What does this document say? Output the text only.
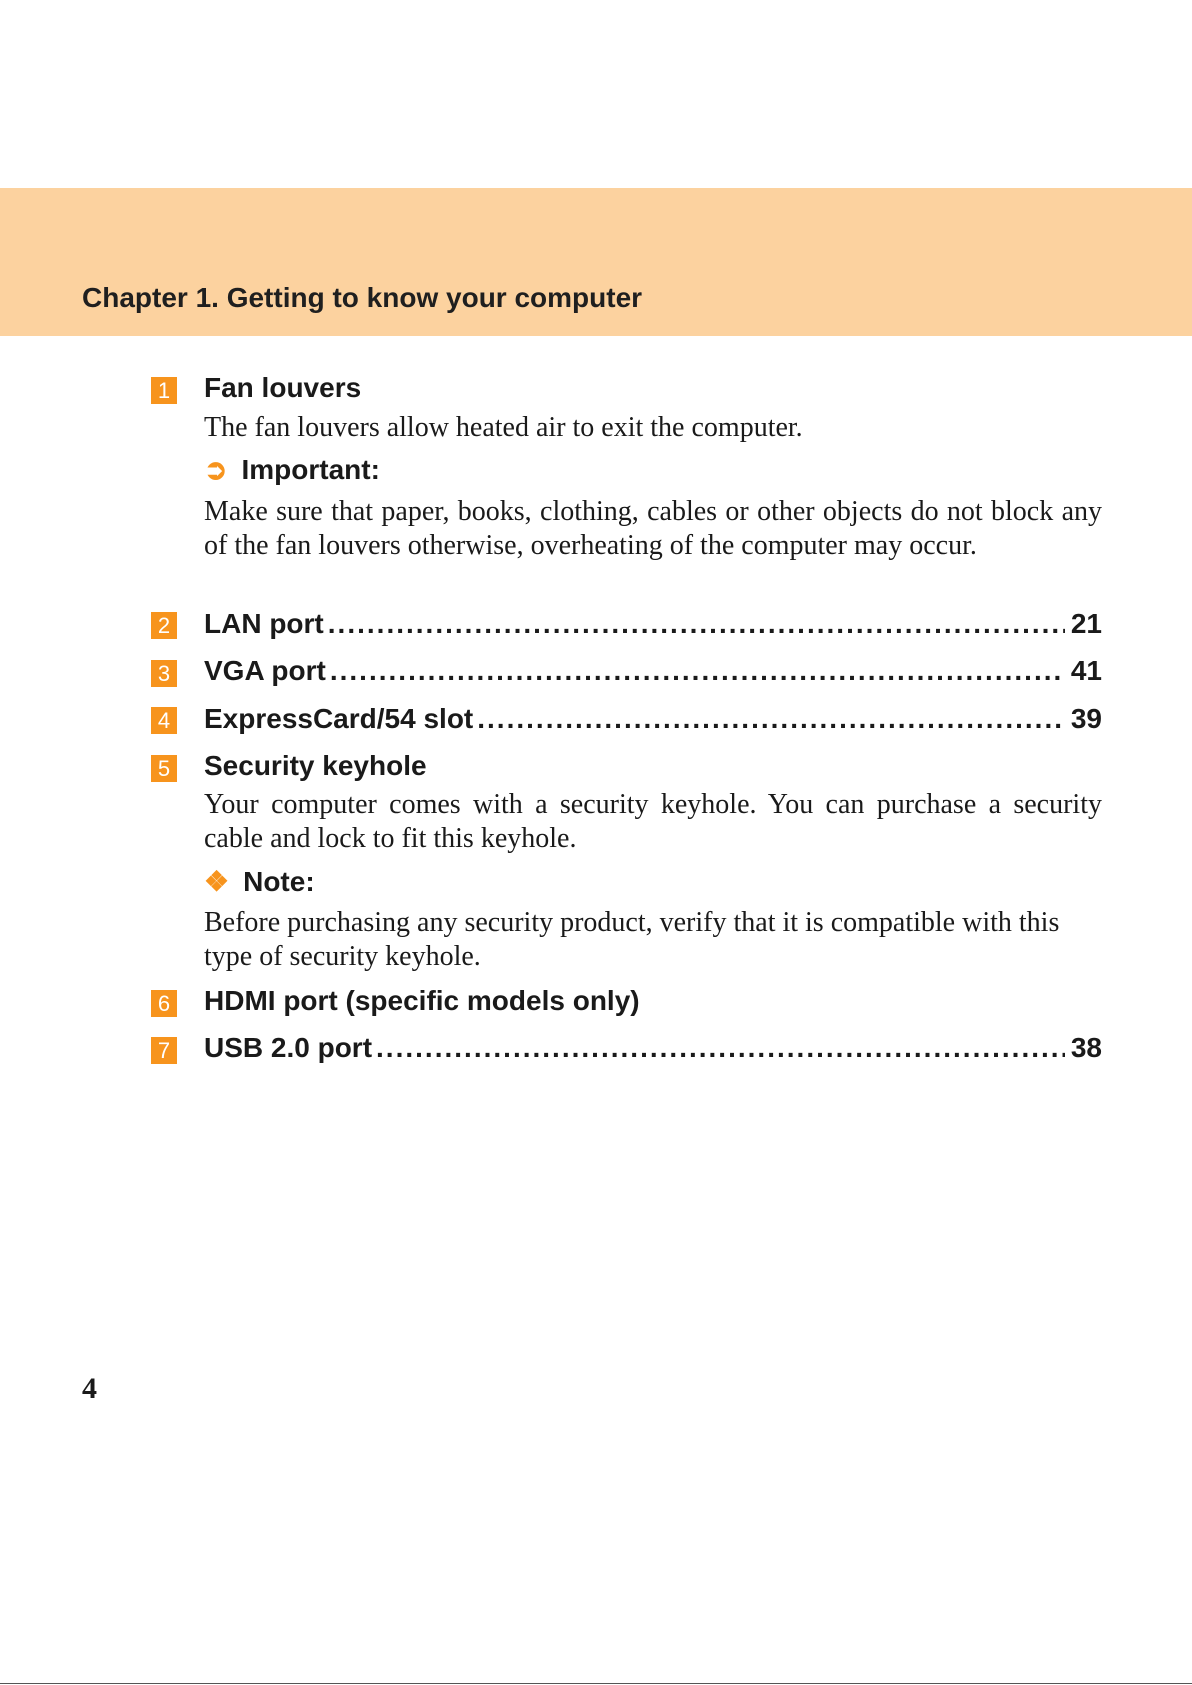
Chapter 1. Getting to know your computer
1 Fan louvers
The fan louvers allow heated air to exit the computer.
➲ Important:
Make sure that paper, books, clothing, cables or other objects do not block any of the fan louvers otherwise, overheating of the computer may occur.
2 LAN port .....	21
3 VGA port .....	41
4 ExpressCard/54 slot .....	39
5 Security keyhole
Your computer comes with a security keyhole. You can purchase a security cable and lock to fit this keyhole.
❖ Note:
Before purchasing any security product, verify that it is compatible with this type of security keyhole.
6 HDMI port (specific models only)
7 USB 2.0 port .....	38
4
